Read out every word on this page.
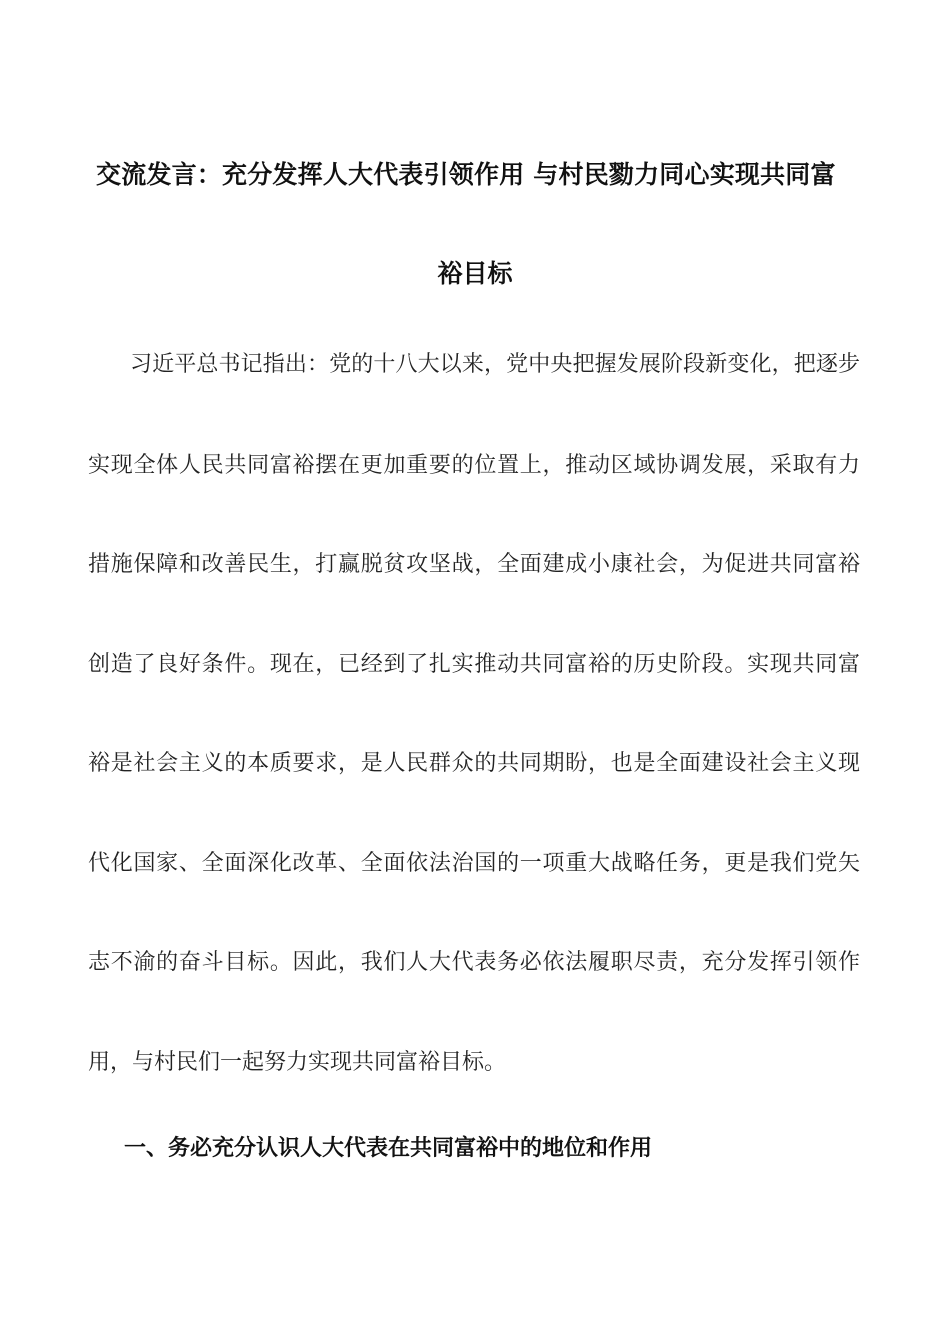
交流发言：充分发挥人大代表引领作用 与村民勠力同心实现共同富
裕目标
习近平总书记指出：党的十八大以来，党中央把握发展阶段新变化，把逐步
实现全体人民共同富裕摆在更加重要的位置上，推动区域协调发展，采取有力
措施保障和改善民生，打赢脱贫攻坚战，全面建成小康社会，为促进共同富裕
创造了良好条件。现在，已经到了扎实推动共同富裕的历史阶段。实现共同富
裕是社会主义的本质要求，是人民群众的共同期盼，也是全面建设社会主义现
代化国家、全面深化改革、全面依法治国的一项重大战略任务，更是我们党矢
志不渝的奋斗目标。因此，我们人大代表务必依法履职尽责，充分发挥引领作
用，与村民们一起努力实现共同富裕目标。
一、务必充分认识人大代表在共同富裕中的地位和作用
